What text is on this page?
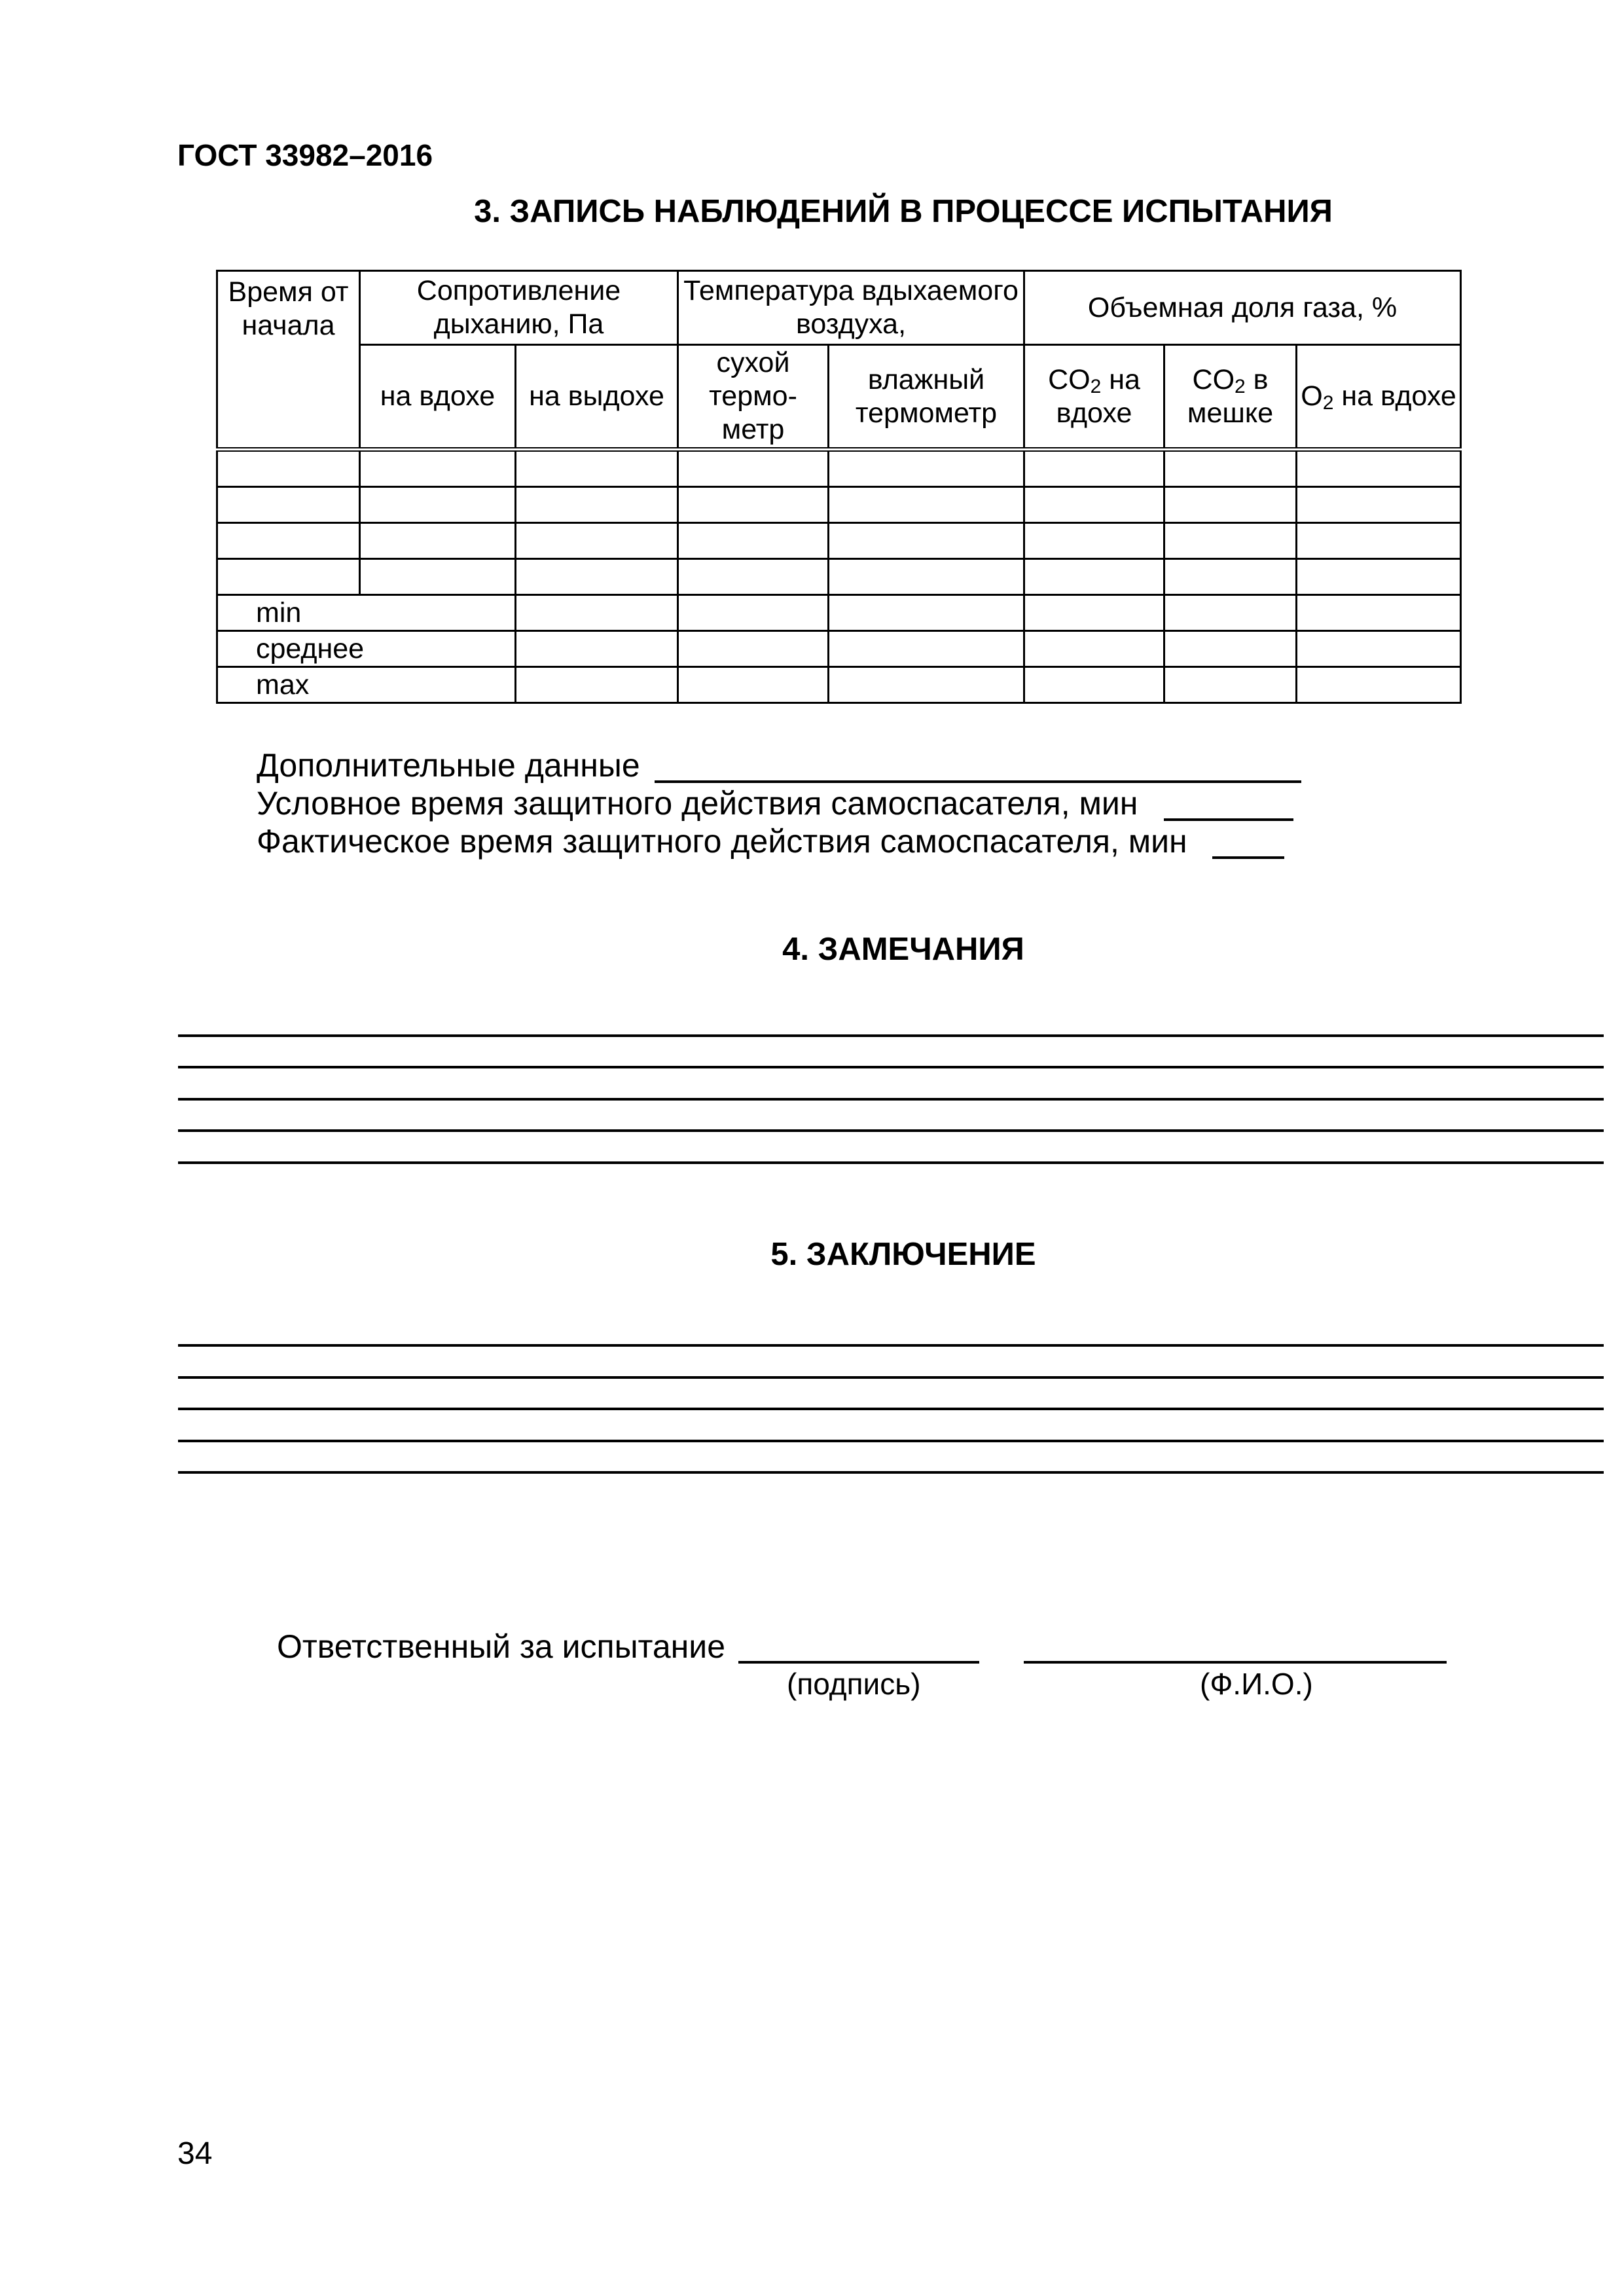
ГОСТ 33982–2016
3. ЗАПИСЬ НАБЛЮДЕНИЙ В ПРОЦЕССЕ ИСПЫТАНИЯ
Время от начала	Сопротивление дыханию, Па		Температура вдыхаемого воздуха,		Объемная доля газа, %		
	на вдохе	на выдохе	сухой термо-метр	влажный термометр	$CO_2$ на вдохе	$CO_2$ в мешке	$O_2$ на вдохе

min							
среднее							
max							
Дополнительные данные
Условное время защитного действия самоспасателя, мин
Фактическое время защитного действия самоспасателя, мин
4. ЗАМЕЧАНИЯ
5. ЗАКЛЮЧЕНИЕ
Ответственный за испытание
(подпись)	(Ф.И.О.)
34
